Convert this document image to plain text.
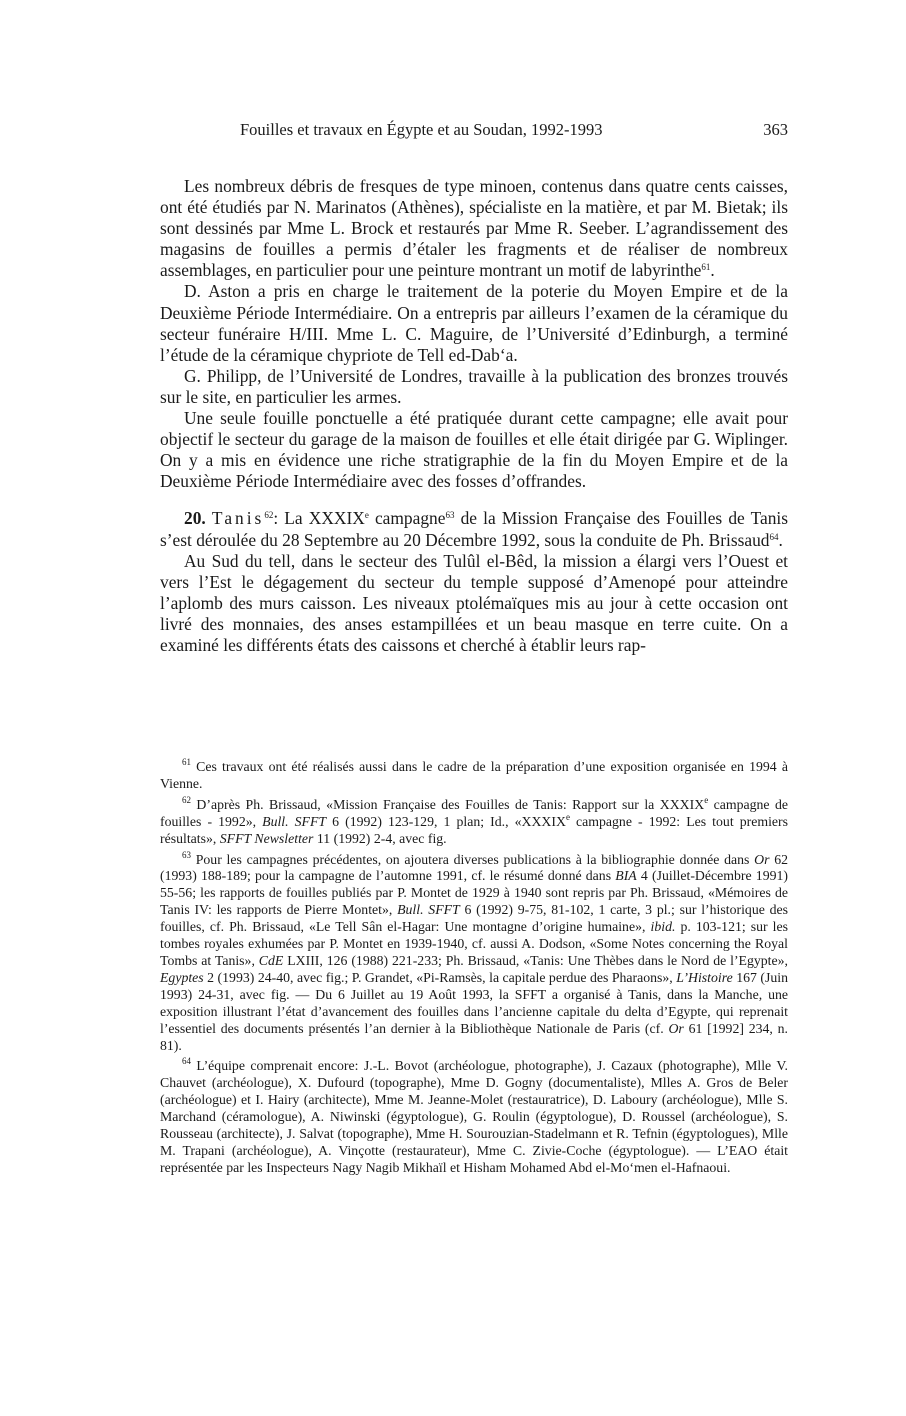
Fouilles et travaux en Égypte et au Soudan, 1992-1993	363

Les nombreux débris de fresques de type minoen, contenus dans quatre cents caisses, ont été étudiés par N. Marinatos (Athènes), spécialiste en la matière, et par M. Bietak; ils sont dessinés par Mme L. Brock et restaurés par Mme R. Seeber. L’agrandissement des magasins de fouilles a permis d’étaler les fragments et de réaliser de nombreux assemblages, en particulier pour une peinture montrant un motif de labyrinthe$^{61}$.

D. Aston a pris en charge le traitement de la poterie du Moyen Empire et de la Deuxième Période Intermédiaire. On a entrepris par ailleurs l’examen de la céramique du secteur funéraire H/III. Mme L. C. Maguire, de l’Université d’Edinburgh, a terminé l’étude de la céramique chypriote de Tell ed-Dab‘a.

G. Philipp, de l’Université de Londres, travaille à la publication des bronzes trouvés sur le site, en particulier les armes.

Une seule fouille ponctuelle a été pratiquée durant cette campagne; elle avait pour objectif le secteur du garage de la maison de fouilles et elle était dirigée par G. Wiplinger. On y a mis en évidence une riche stratigraphie de la fin du Moyen Empire et de la Deuxième Période Intermédiaire avec des fosses d’offrandes.

20. Tanis$^{62}$: La XXXIXe campagne$^{63}$ de la Mission Française des Fouilles de Tanis s’est déroulée du 28 Septembre au 20 Décembre 1992, sous la conduite de Ph. Brissaud$^{64}$.

Au Sud du tell, dans le secteur des Tulûl el-Bêd, la mission a élargi vers l’Ouest et vers l’Est le dégagement du secteur du temple supposé d’Amenopé pour atteindre l’aplomb des murs caisson. Les niveaux ptolémaïques mis au jour à cette occasion ont livré des monnaies, des anses estampillées et un beau masque en terre cuite. On a examiné les différents états des caissons et cherché à établir leurs rap-

$^{61}$ Ces travaux ont été réalisés aussi dans le cadre de la préparation d’une exposition organisée en 1994 à Vienne.

$^{62}$ D’après Ph. Brissaud, «Mission Française des Fouilles de Tanis: Rapport sur la XXXIXe campagne de fouilles - 1992», Bull. SFFT 6 (1992) 123-129, 1 plan; Id., «XXXIXe campagne - 1992: Les tout premiers résultats», SFFT Newsletter 11 (1992) 2-4, avec fig.

$^{63}$ Pour les campagnes précédentes, on ajoutera diverses publications à la bibliographie donnée dans Or 62 (1993) 188-189; pour la campagne de l’automne 1991, cf. le résumé donné dans BIA 4 (Juillet-Décembre 1991) 55-56; les rapports de fouilles publiés par P. Montet de 1929 à 1940 sont repris par Ph. Brissaud, «Mémoires de Tanis IV: les rapports de Pierre Montet», Bull. SFFT 6 (1992) 9-75, 81-102, 1 carte, 3 pl.; sur l’historique des fouilles, cf. Ph. Brissaud, «Le Tell Sân el-Hagar: Une montagne d’origine humaine», ibid. p. 103-121; sur les tombes royales exhumées par P. Montet en 1939-1940, cf. aussi A. Dodson, «Some Notes concerning the Royal Tombs at Tanis», CdE LXIII, 126 (1988) 221-233; Ph. Brissaud, «Tanis: Une Thèbes dans le Nord de l’Egypte», Egyptes 2 (1993) 24-40, avec fig.; P. Grandet, «Pi-Ramsès, la capitale perdue des Pharaons», L’Histoire 167 (Juin 1993) 24-31, avec fig. — Du 6 Juillet au 19 Août 1993, la SFFT a organisé à Tanis, dans la Manche, une exposition illustrant l’état d’avancement des fouilles dans l’ancienne capitale du delta d’Egypte, qui reprenait l’essentiel des documents présentés l’an dernier à la Bibliothèque Nationale de Paris (cf. Or 61 [1992] 234, n. 81).

$^{64}$ L’équipe comprenait encore: J.-L. Bovot (archéologue, photographe), J. Cazaux (photographe), Mlle V. Chauvet (archéologue), X. Dufourd (topographe), Mme D. Gogny (documentaliste), Mlles A. Gros de Beler (archéologue) et I. Hairy (architecte), Mme M. Jeanne-Molet (restauratrice), D. Laboury (archéologue), Mlle S. Marchand (céramologue), A. Niwinski (égyptologue), G. Roulin (égyptologue), D. Roussel (archéologue), S. Rousseau (architecte), J. Salvat (topographe), Mme H. Sourouzian-Stadelmann et R. Tefnin (égyptologues), Mlle M. Trapani (archéologue), A. Vinçotte (restaurateur), Mme C. Zivie-Coche (égyptologue). — L’EAO était représentée par les Inspecteurs Nagy Nagib Mikhaïl et Hisham Mohamed Abd el-Mo‘men el-Hafnaoui.
